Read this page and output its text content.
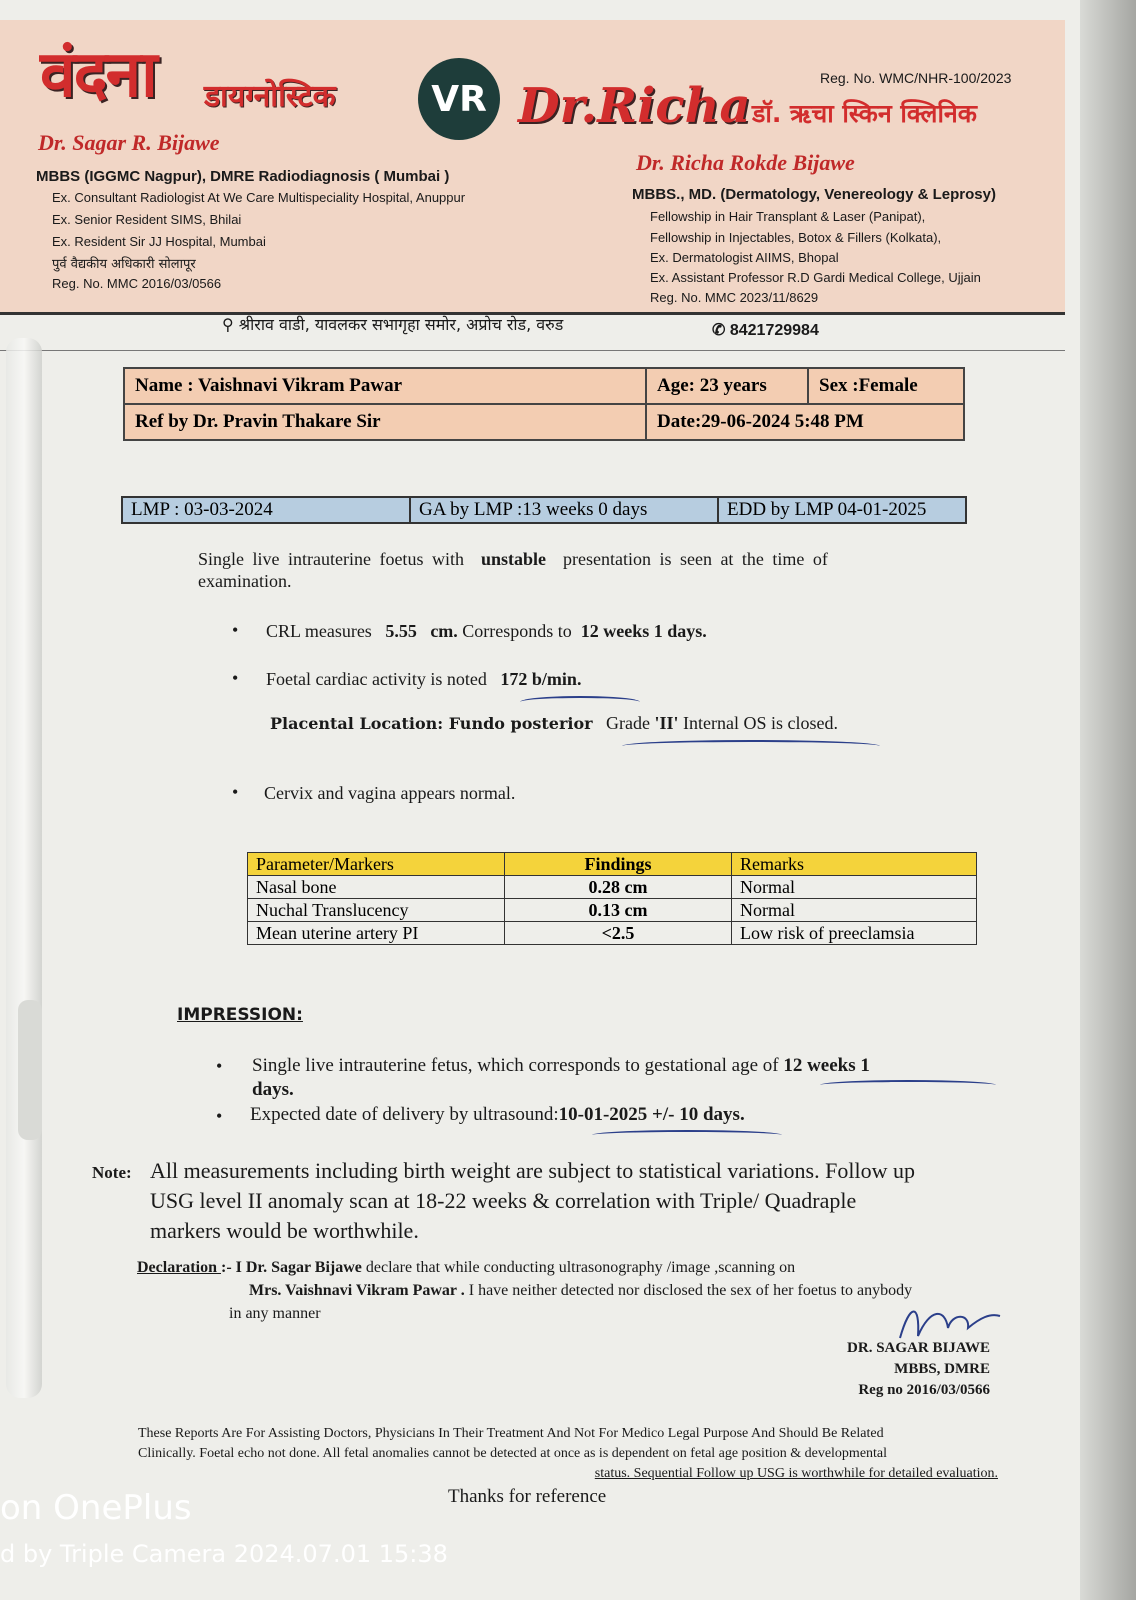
वंदना डायग्नोस्टिक	VR Dr.Richa डॉ. ऋचा स्किन क्लिनिक
Reg. No. WMC/NHR-100/2023
Dr. Sagar R. Bijawe
MBBS (IGGMC Nagpur), DMRE Radiodiagnosis ( Mumbai )
Ex. Consultant Radiologist At We Care Multispeciality Hospital, Anuppur
Ex. Senior Resident SIMS, Bhilai
Ex. Resident Sir JJ Hospital, Mumbai
पुर्व वैद्यकीय अधिकारी सोलापूर
Reg. No. MMC 2016/03/0566
Dr. Richa Rokde Bijawe
MBBS., MD. (Dermatology, Venereology & Leprosy)
Fellowship in Hair Transplant & Laser (Panipat),
Fellowship in Injectables, Botox & Fillers (Kolkata),
Ex. Dermatologist AIIMS, Bhopal
Ex. Assistant Professor R.D Gardi Medical College, Ujjain
Reg. No. MMC 2023/11/8629
⚲ श्रीराव वाडी, यावलकर सभागृहा समोर, अप्रोच रोड, वरुड	✆ 8421729984
Name : Vaishnavi Vikram Pawar	Age: 23 years	Sex :Female
Ref by Dr. Pravin Thakare Sir	Date:29-06-2024 5:48 PM	
LMP : 03-03-2024	GA by LMP :13 weeks 0 days	EDD by LMP 04-01-2025
Single live intrauterine foetus with unstable presentation is seen at the time of
examination.
• CRL measures 5.55 cm. Corresponds to 12 weeks 1 days.
• Foetal cardiac activity is noted 172 b/min.
Placental Location: Fundo posterior Grade 'II' Internal OS is closed.
• Cervix and vagina appears normal.
Parameter/Markers	Findings	Remarks
Nasal bone	0.28 cm	Normal
Nuchal Translucency	0.13 cm	Normal
Mean uterine artery PI	<2.5	Low risk of preeclamsia
IMPRESSION:
• Single live intrauterine fetus, which corresponds to gestational age of 12 weeks 1
days.
• Expected date of delivery by ultrasound:10-01-2025 +/- 10 days.
Note: All measurements including birth weight are subject to statistical variations. Follow up
USG level II anomaly scan at 18-22 weeks & correlation with Triple/ Quadraple
markers would be worthwhile.
Declaration :- I Dr. Sagar Bijawe declare that while conducting ultrasonography /image ,scanning on
Mrs. Vaishnavi Vikram Pawar . I have neither detected nor disclosed the sex of her foetus to anybody
in any manner
DR. SAGAR BIJAWE
MBBS, DMRE
Reg no 2016/03/0566
These Reports Are For Assisting Doctors, Physicians In Their Treatment And Not For Medico Legal Purpose And Should Be Related
Clinically. Foetal echo not done. All fetal anomalies cannot be detected at once as is dependent on fetal age position & developmental

status. Sequential Follow up USG is worthwhile for detailed evaluation.
Thanks for reference
on OnePlus
d by Triple Camera 2024.07.01 15:38
